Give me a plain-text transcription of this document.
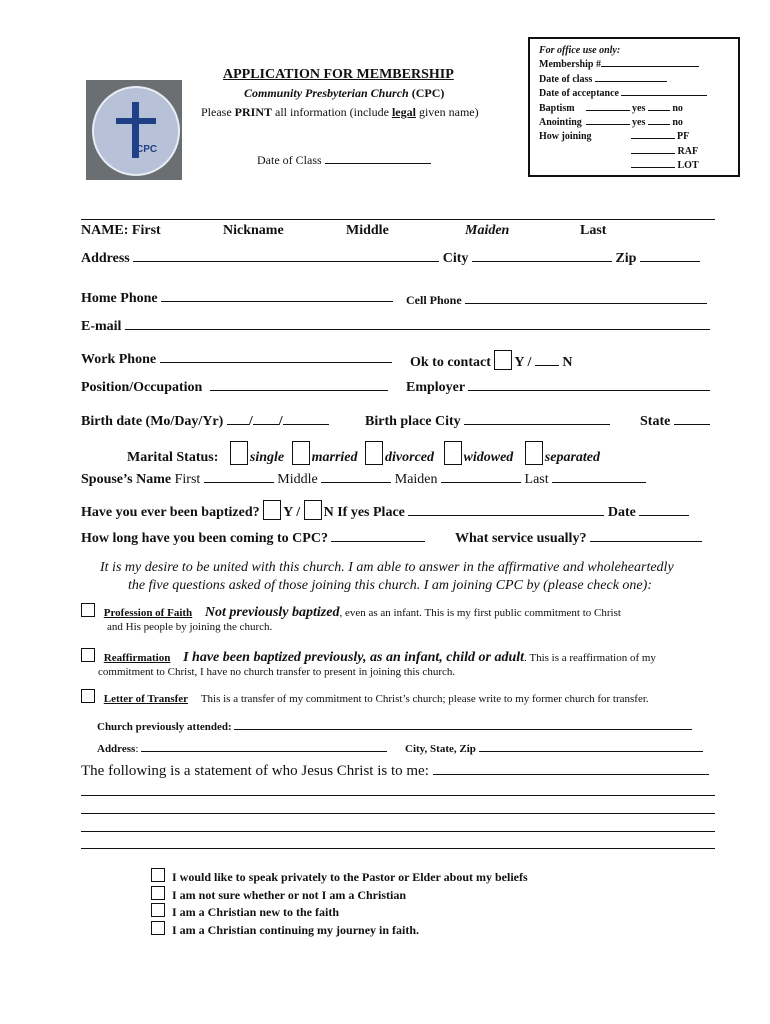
CPC
APPLICATION FOR MEMBERSHIP
Community Presbyterian Church (CPC)
Please PRINT all information (include legal given name)
Date of Class
For office use only:
Membership #
Date of class
Date of acceptance
Baptism	yes	no
Anointing	yes	no
How joining	PF
RAF
LOT
NAME: First	Nickname	Middle	Maiden	Last
Address	City	Zip
Home Phone	Cell Phone
E-mail
Work Phone	Ok to contact Y / N
Position/Occupation	Employer
Birth date (Mo/Day/Yr) / /	Birth place City	State
Marital Status: single married divorced widowed separated
Spouse’s Name First	Middle	Maiden	Last
Have you ever been baptized? Y / N If yes Place	Date
How long have you been coming to CPC?	What service usually?
It is my desire to be united with this church. I am able to answer in the affirmative and wholeheartedly
the five questions asked of those joining this church. I am joining CPC by (please check one):
Profession of Faith Not previously baptized, even as an infant. This is my first public commitment to Christ
and His people by joining the church.
Reaffirmation I have been baptized previously, as an infant, child or adult. This is a reaffirmation of my
commitment to Christ, I have no church transfer to present in joining this church.
Letter of Transfer This is a transfer of my commitment to Christ’s church; please write to my former church for transfer.
Church previously attended:
Address:	City, State, Zip
The following is a statement of who Jesus Christ is to me:
I would like to speak privately to the Pastor or Elder about my beliefs
I am not sure whether or not I am a Christian
I am a Christian new to the faith
I am a Christian continuing my journey in faith.
